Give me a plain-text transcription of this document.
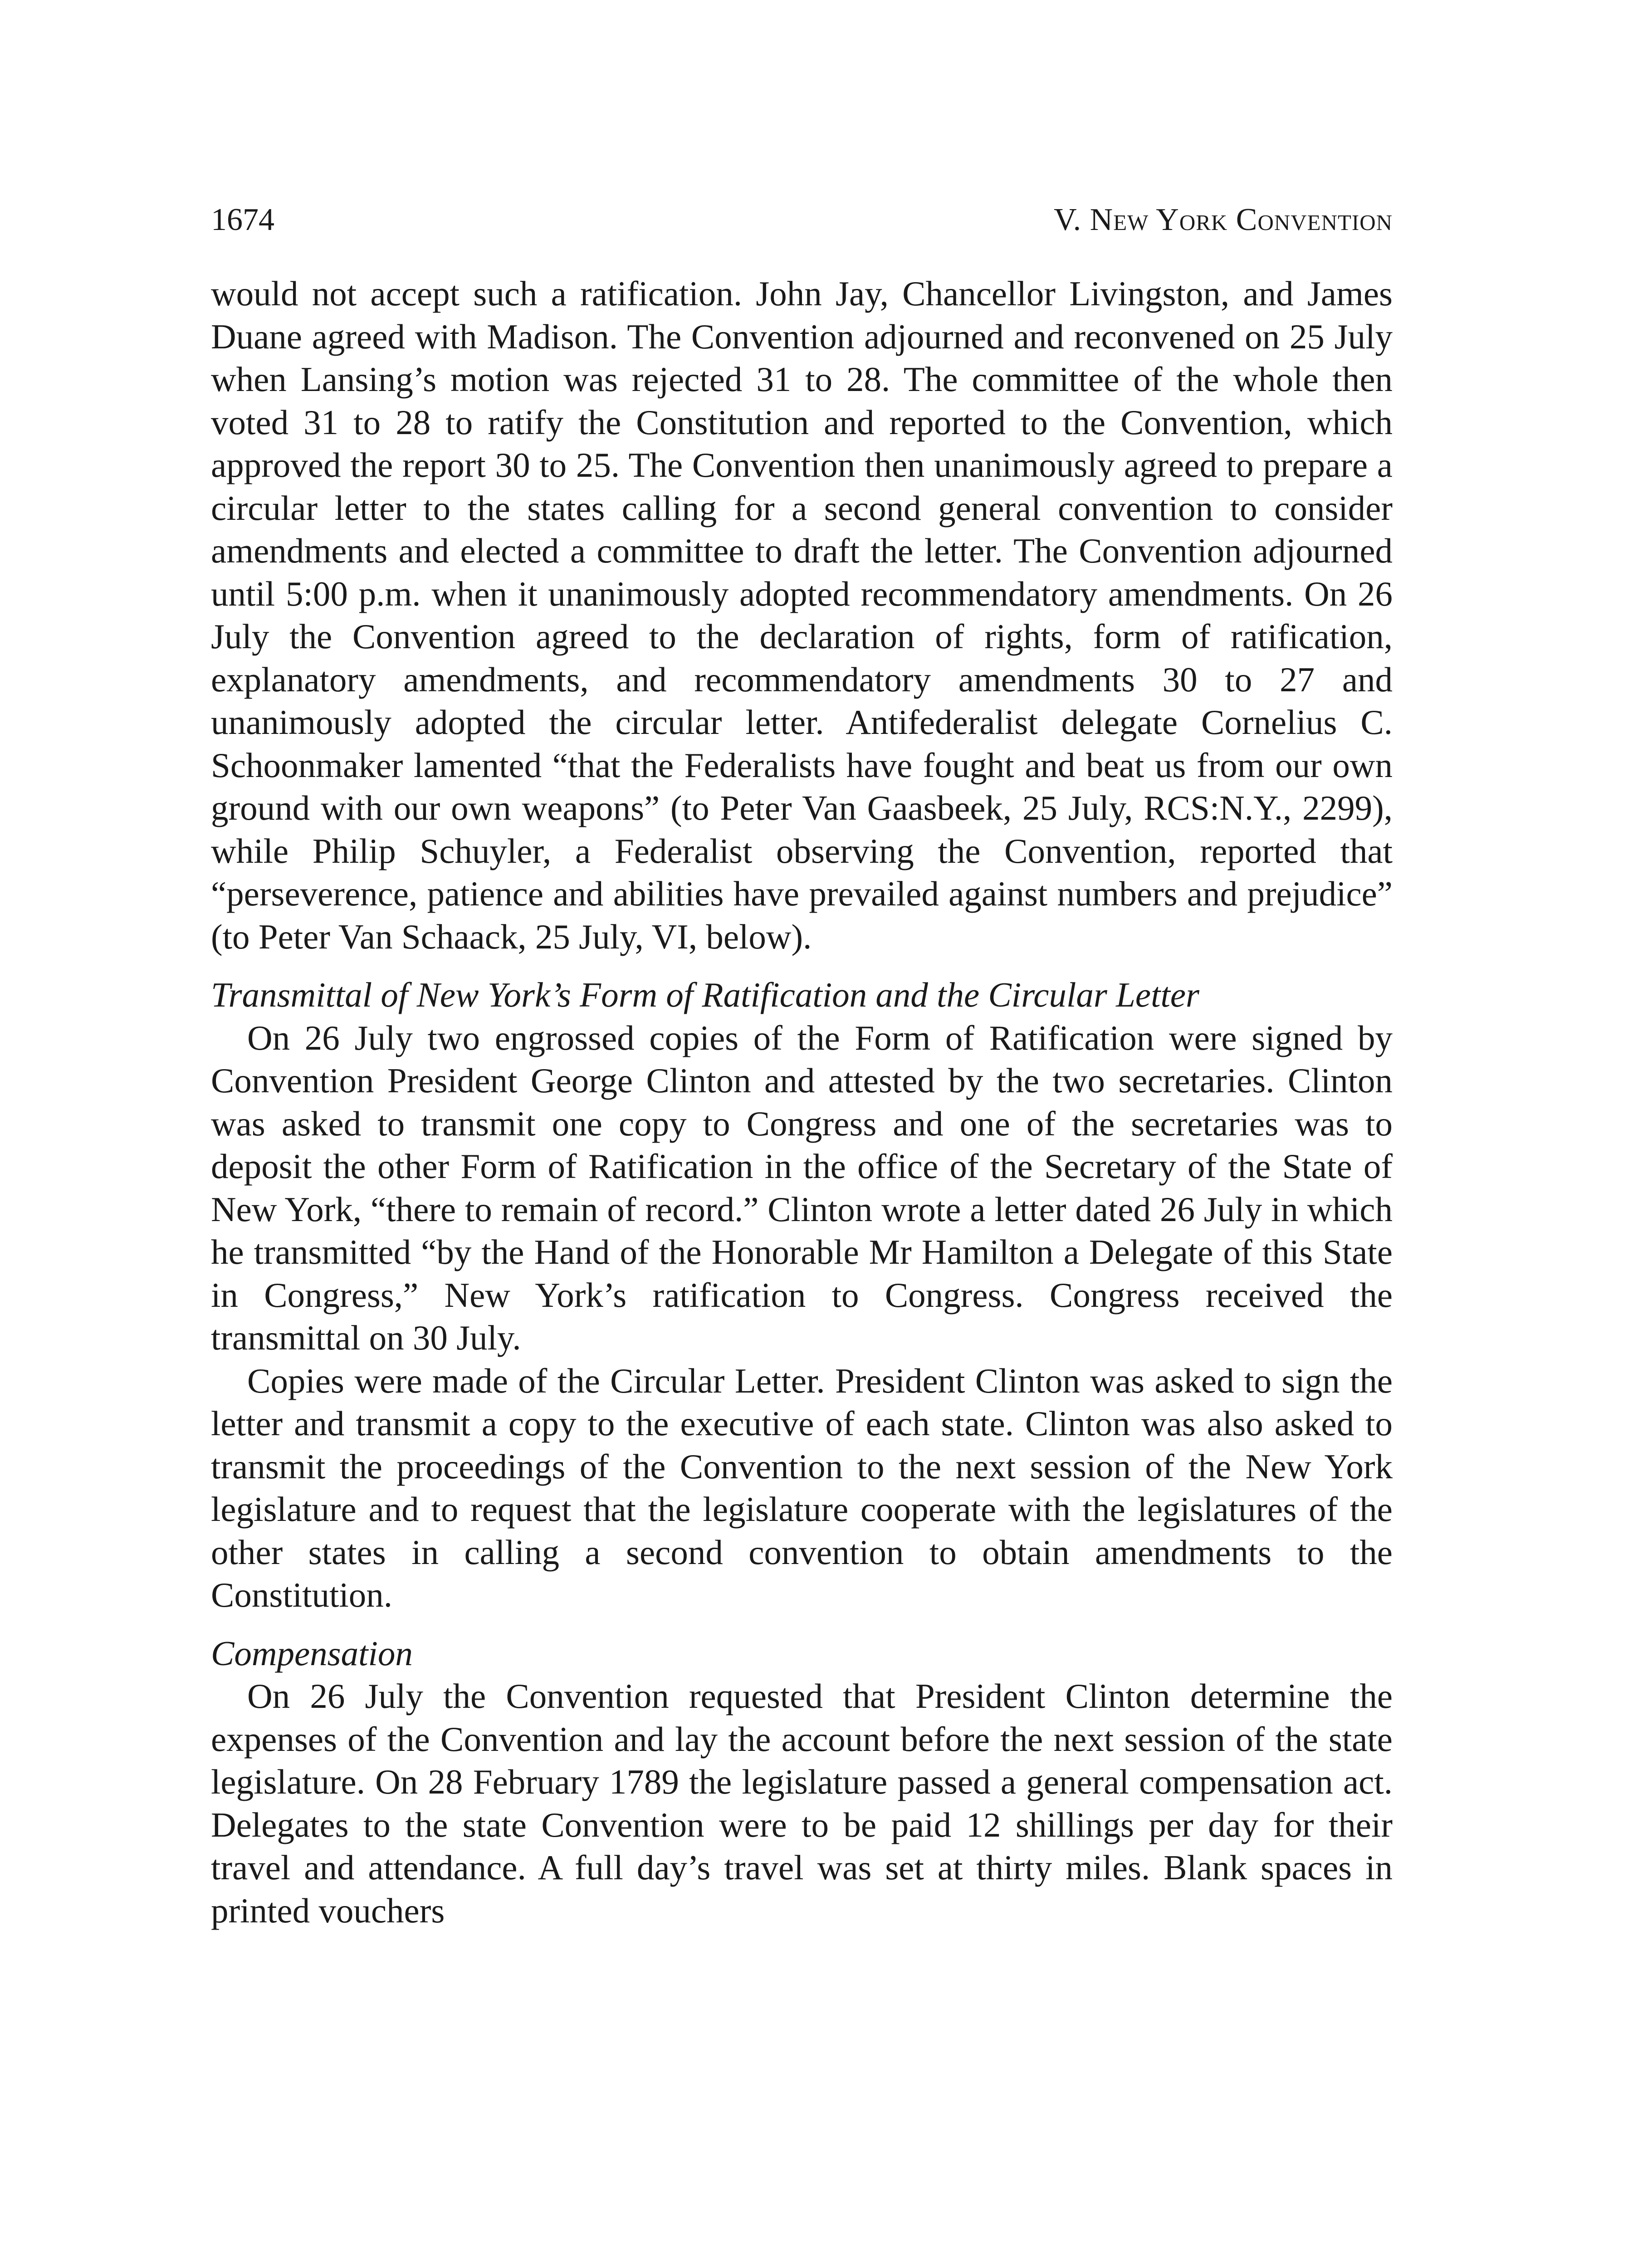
1674	V. New York Convention

would not accept such a ratification. John Jay, Chancellor Livingston, and James Duane agreed with Madison. The Convention adjourned and reconvened on 25 July when Lansing’s motion was rejected 31 to 28. The committee of the whole then voted 31 to 28 to ratify the Constitution and reported to the Convention, which approved the report 30 to 25. The Convention then unanimously agreed to prepare a circular letter to the states calling for a second general convention to consider amendments and elected a committee to draft the letter. The Convention adjourned until 5:00 p.m. when it unanimously adopted recommendatory amendments. On 26 July the Convention agreed to the declaration of rights, form of ratification, explanatory amendments, and recommendatory amendments 30 to 27 and unanimously adopted the circular letter. Antifederalist delegate Cornelius C. Schoonmaker lamented “that the Federalists have fought and beat us from our own ground with our own weapons” (to Peter Van Gaasbeek, 25 July, RCS:N.Y., 2299), while Philip Schuyler, a Federalist observing the Convention, reported that “perseverence, patience and abilities have prevailed against numbers and prejudice” (to Peter Van Schaack, 25 July, VI, below).

Transmittal of New York’s Form of Ratification and the Circular Letter

On 26 July two engrossed copies of the Form of Ratification were signed by Convention President George Clinton and attested by the two secretaries. Clinton was asked to transmit one copy to Congress and one of the secretaries was to deposit the other Form of Ratification in the office of the Secretary of the State of New York, “there to remain of record.” Clinton wrote a letter dated 26 July in which he transmitted “by the Hand of the Honorable Mr Hamilton a Delegate of this State in Congress,” New York’s ratification to Congress. Congress received the transmittal on 30 July.

Copies were made of the Circular Letter. President Clinton was asked to sign the letter and transmit a copy to the executive of each state. Clinton was also asked to transmit the proceedings of the Convention to the next session of the New York legislature and to request that the legislature cooperate with the legislatures of the other states in calling a second convention to obtain amendments to the Constitution.

Compensation

On 26 July the Convention requested that President Clinton determine the expenses of the Convention and lay the account before the next session of the state legislature. On 28 February 1789 the legislature passed a general compensation act. Delegates to the state Convention were to be paid 12 shillings per day for their travel and attendance. A full day’s travel was set at thirty miles. Blank spaces in printed vouchers
